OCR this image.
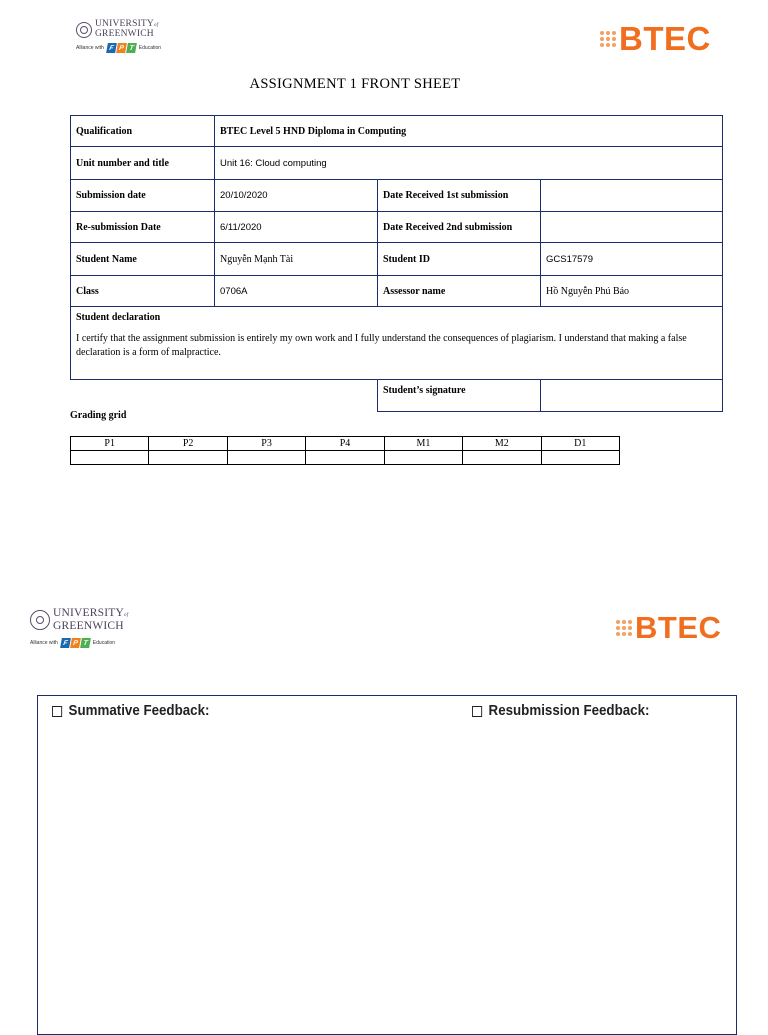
UNIVERSITYof
GREENWICH
Alliance with F P T Education	BTEC
ASSIGNMENT 1 FRONT SHEET
Qualification	BTEC Level 5 HND Diploma in Computing		
Unit number and title	Unit 16: Cloud computing		
Submission date	20/10/2020	Date Received 1st submission	
Re-submission Date	6/11/2020	Date Received 2nd submission	
Student Name	Nguyễn Mạnh Tài	Student ID	GCS17579
Class	0706A	Assessor name	Hồ Nguyễn Phú Bảo

Student declaration
I certify that the assignment submission is entirely my own work and I fully understand the consequences of plagiarism. I understand that making a false declaration is a form of malpractice.			

		Student’s signature	
Grading grid
P1	P2	P3	P4	M1	M2	D1

UNIVERSITYof
GREENWICH
Alliance with F P T Education	BTEC
Summative Feedback:	Resubmission Feedback:
